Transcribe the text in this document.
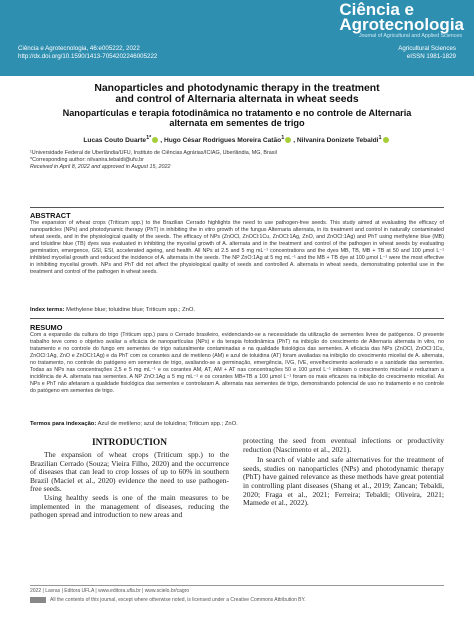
Ciência e
Agrotecnologia
Journal of Agricultural and Applied Sciences
Ciência e Agrotecnologia, 46:e005222, 2022
http://dx.doi.org/10.1590/1413-7054202246005222
Agricultural Sciences
eISSN 1981-1829
Nanoparticles and photodynamic therapy in the treatment
and control of Alternaria alternata in wheat seeds
Nanopartículas e terapia fotodinâmica no tratamento e no controle de Alternaria
alternata em sementes de trigo
Lucas Couto Duarte$^{1*}$ , Hugo César Rodrigues Moreira Catão$^1$ , Nilvanira Donizete Tebaldi$^1$
¹Universidade Federal de Uberlândia/UFU, Instituto de Ciências Agrárias/ICIAG, Uberlândia, MG, Brasil
*Corresponding author: nilvanira.tebaldi@ufu.br
Received in April 8, 2022 and approved in August 15, 2022
ABSTRACT
The expansion of wheat crops (Triticum spp.) to the Brazilian Cerrado highlights the need to use pathogen-free seeds. This study aimed at evaluating the efficacy of nanoparticles (NPs) and photodynamic therapy (PhT) in inhibiting the in vitro growth of the fungus Alternaria alternata, in its treatment and control in naturally contaminated wheat seeds, and in the physiological quality of the seeds. The efficacy of NPs (ZnOCl, ZnOCl:1Cu, ZnOCl:1Ag, ZnO, and ZnOCl:1Ag) and PhT using methylene blue (MB) and toluidine blue (TB) dyes was evaluated in inhibiting the mycelial growth of A. alternata and in the treatment and control of the pathogen in wheat seeds by evaluating germination, emergence, GSI, ESI, accelerated ageing, and health. All NPs at 2.5 and 5 mg mL⁻¹ concentrations and the dyes MB, TB, MB + TB at 50 and 100 μmol L⁻¹ inhibited mycelial growth and reduced the incidence of A. alternata in the seeds. The NP ZnO:1Ag at 5 mg mL⁻¹ and the MB + TB dye at 100 μmol L⁻¹ were the most effective in inhibiting mycelial growth. NPs and PhT did not affect the physiological quality of seeds and controlled A. alternata in wheat seeds, demonstrating potential use in the treatment and control of the pathogen in wheat seeds.
Index terms: Methylene blue; toluidine blue; Triticum spp.; ZnO.
RESUMO
Com a expansão da cultura do trigo (Triticum spp.) para o Cerrado brasileiro, evidenciando-se a necessidade da utilização de sementes livres de patógenos. O presente trabalho teve como o objetivo avaliar a eficácia de nanopartículas (NPs) e da terapia fotodinâmica (PhT) na inibição do crescimento de Alternaria alternata in vitro, no tratamento e no controle do fungo em sementes de trigo naturalmente contaminadas e na qualidade fisiológica das sementes. A eficácia das NPs (ZnOCl, ZnOCl:1Cu, ZnOCl:1Ag, ZnO e ZnOCl:1Ag) e da PhT com os corantes azul de metileno (AM) e azul de toluidina (AT) foram avaliadas na inibição do crescimento micelial de A. alternata, no tratamento, no controle do patógeno em sementes de trigo, avaliando-se a germinação, emergência, IVG, IVE, envelhecimento acelerado e a sanidade das sementes. Todas as NPs nas concentrações 2,5 e 5 mg mL⁻¹ e os corantes AM, AT, AM + AT nas concentrações 50 e 100 µmol L⁻¹ inibiram o crescimento micelial e reduziram a incidência de A. alternata nas sementes. A NP ZnO:1Ag a 5 mg mL⁻¹ e os corantes MB+TB a 100 µmol L⁻¹ foram os mais eficazes na inibição do crescimento micelial. As NPs e PhT não afetaram a qualidade fisiológica das sementes e controlaram A. alternata nas sementes de trigo, demonstrando potencial de uso no tratamento e no controle do patógeno em sementes de trigo.
Termos para indexação: Azul de metileno; azul de toluidina; Triticum spp.; ZnO.
INTRODUCTION

The expansion of wheat crops (Triticum spp.) to the Brazilian Cerrado (Souza; Vieira Filho, 2020) and the occurrence of diseases that can lead to crop losses of up to 60% in southern Brazil (Maciel et al., 2020) evidence the need to use pathogen-free seeds.

Using healthy seeds is one of the main measures to be implemented in the management of diseases, reducing the pathogen spread and introduction to new areas and

protecting the seed from eventual infections or productivity reduction (Nascimento et al., 2021).

In search of viable and safe alternatives for the treatment of seeds, studies on nanoparticles (NPs) and photodynamic therapy (PhT) have gained relevance as these methods have great potential in controlling plant diseases (Shang et al., 2019; Zancan; Tebaldi, 2020; Fraga et al., 2021; Ferreira; Tebaldi; Oliveira, 2021; Mamede et al., 2022).

2022 | Lavras | Editora UFLA | www.editora.ufla.br | www.scielo.br/cagro
All the contents of this journal, except where otherwise noted, is licensed under a Creative Commons Attribution BY.
